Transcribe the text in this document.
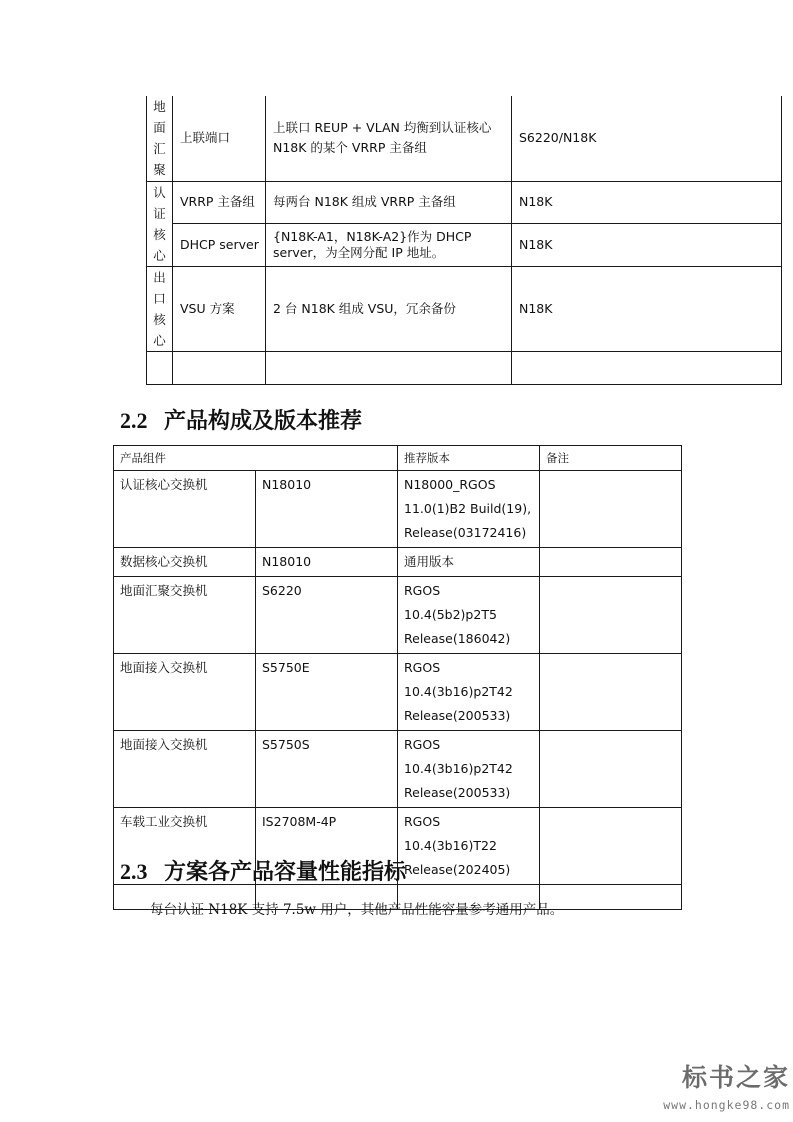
地
面
汇
聚	上联端口	上联口 REUP + VLAN 均衡到认证核心 N18K 的某个 VRRP 主备组	S6220/N18K

认
证
核
心	VRRP 主备组	每两台 N18K 组成 VRRP 主备组	N18K
	DHCP server	{N18K-A1，N18K-A2}作为 DHCP server，为全网分配 IP 地址。	N18K

出
口
核
心	VSU 方案	2 台 N18K 组成 VSU，冗余备份	N18K

2.2 产品构成及版本推荐
产品组件		推荐版本	备注
认证核心交换机	N18010	N18000_RGOS
11.0(1)B2 Build(19),
Release(03172416)	

数据核心交换机	N18010	通用版本	

地面汇聚交换机	S6220	RGOS 10.4(5b2)p2T5
Release(186042)	

地面接入交换机	S5750E	RGOS
10.4(3b16)p2T42
Release(200533)	

地面接入交换机	S5750S	RGOS
10.4(3b16)p2T42
Release(200533)	

车载工业交换机	IS2708M-4P	RGOS 10.4(3b16)T22
Release(202405)	

2.3 方案各产品容量性能指标

每台认证 N18K 支持 7.5w 用户，其他产品性能容量参考通用产品。

标书之家
www.hongke98.com
